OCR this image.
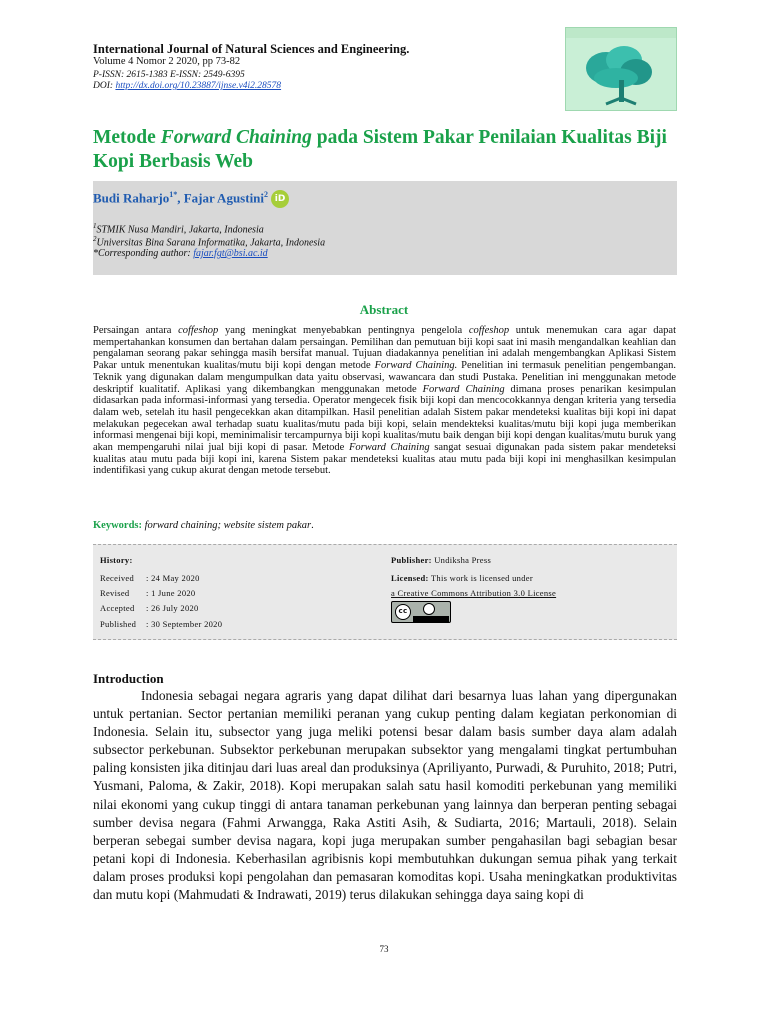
International Journal of Natural Sciences and Engineering.
Volume 4 Nomor 2 2020, pp 73-82
P-ISSN: 2615-1383 E-ISSN: 2549-6395
DOI: http://dx.doi.org/10.23887/ijnse.v4i2.28578
Metode Forward Chaining pada Sistem Pakar Penilaian Kualitas Biji Kopi Berbasis Web
Budi Raharjo$^{1*}$, Fajar Agustini$^2$ iD
$^1$STMIK Nusa Mandiri, Jakarta, Indonesia
$^2$Universitas Bina Sarana Informatika, Jakarta, Indonesia
*Corresponding author: fajar.fgt@bsi.ac.id
Abstract
Persaingan antara coffeshop yang meningkat menyebabkan pentingnya pengelola coffeshop untuk menemukan cara agar dapat mempertahankan konsumen dan bertahan dalam persaingan. Pemilihan dan pemutuan biji kopi saat ini masih mengandalkan keahlian dan pengalaman seorang pakar sehingga masih bersifat manual. Tujuan diadakannya penelitian ini adalah mengembangkan Aplikasi Sistem Pakar untuk menentukan kualitas/mutu biji kopi dengan metode Forward Chaining. Penelitian ini termasuk penelitian pengembangan. Teknik yang digunakan dalam mengumpulkan data yaitu observasi, wawancara dan studi Pustaka. Penelitian ini menggunakan metode deskriptif kualitatif. Aplikasi yang dikembangkan menggunakan metode Forward Chaining dimana proses penarikan kesimpulan didasarkan pada informasi-informasi yang tersedia. Operator mengecek fisik biji kopi dan mencocokkannya dengan kriteria yang tersedia dalam web, setelah itu hasil pengecekkan akan ditampilkan. Hasil penelitian adalah Sistem pakar mendeteksi kualitas biji kopi ini dapat melakukan pegecekan awal terhadap suatu kualitas/mutu pada biji kopi, selain mendekteksi kualitas/mutu biji kopi juga memberikan informasi mengenai biji kopi, meminimalisir tercampurnya biji kopi kualitas/mutu baik dengan biji kopi dengan kualitas/mutu buruk yang akan mempengaruhi nilai jual biji kopi di pasar. Metode Forward Chaining sangat sesuai digunakan pada sistem pakar mendeteksi kualitas atau mutu pada biji kopi ini, karena Sistem pakar mendeteksi kualitas atau mutu pada biji kopi ini menghasilkan kesimpulan indentifikasi yang cukup akurat dengan metode tersebut.
Keywords: forward chaining; website sistem pakar.
History:
Received : 24 May 2020
Revised : 1 June 2020
Accepted : 26 July 2020
Published : 30 September 2020
Publisher: Undiksha Press
Licensed: This work is licensed under
a Creative Commons Attribution 3.0 License
cc
Introduction
Indonesia sebagai negara agraris yang dapat dilihat dari besarnya luas lahan yang dipergunakan untuk pertanian. Sector pertanian memiliki peranan yang cukup penting dalam kegiatan perkonomian di Indonesia. Selain itu, subsector yang juga meliki potensi besar dalam basis sumber daya alam adalah subsector perkebunan. Subsektor perkebunan merupakan subsektor yang mengalami tingkat pertumbuhan paling konsisten jika ditinjau dari luas areal dan produksinya (Apriliyanto, Purwadi, & Puruhito, 2018; Putri, Yusmani, Paloma, & Zakir, 2018). Kopi merupakan salah satu hasil komoditi perkebunan yang memiliki nilai ekonomi yang cukup tinggi di antara tanaman perkebunan yang lainnya dan berperan penting sebagai sumber devisa negara (Fahmi Arwangga, Raka Astiti Asih, & Sudiarta, 2016; Martauli, 2018). Selain berperan sebegai sumber devisa nagara, kopi juga merupakan sumber pengahasilan bagi sebagian besar petani kopi di Indonesia. Keberhasilan agribisnis kopi membutuhkan dukungan semua pihak yang terkait dalam proses produksi kopi pengolahan dan pemasaran komoditas kopi. Usaha meningkatkan produktivitas dan mutu kopi (Mahmudati & Indrawati, 2019) terus dilakukan sehingga daya saing kopi di
73
